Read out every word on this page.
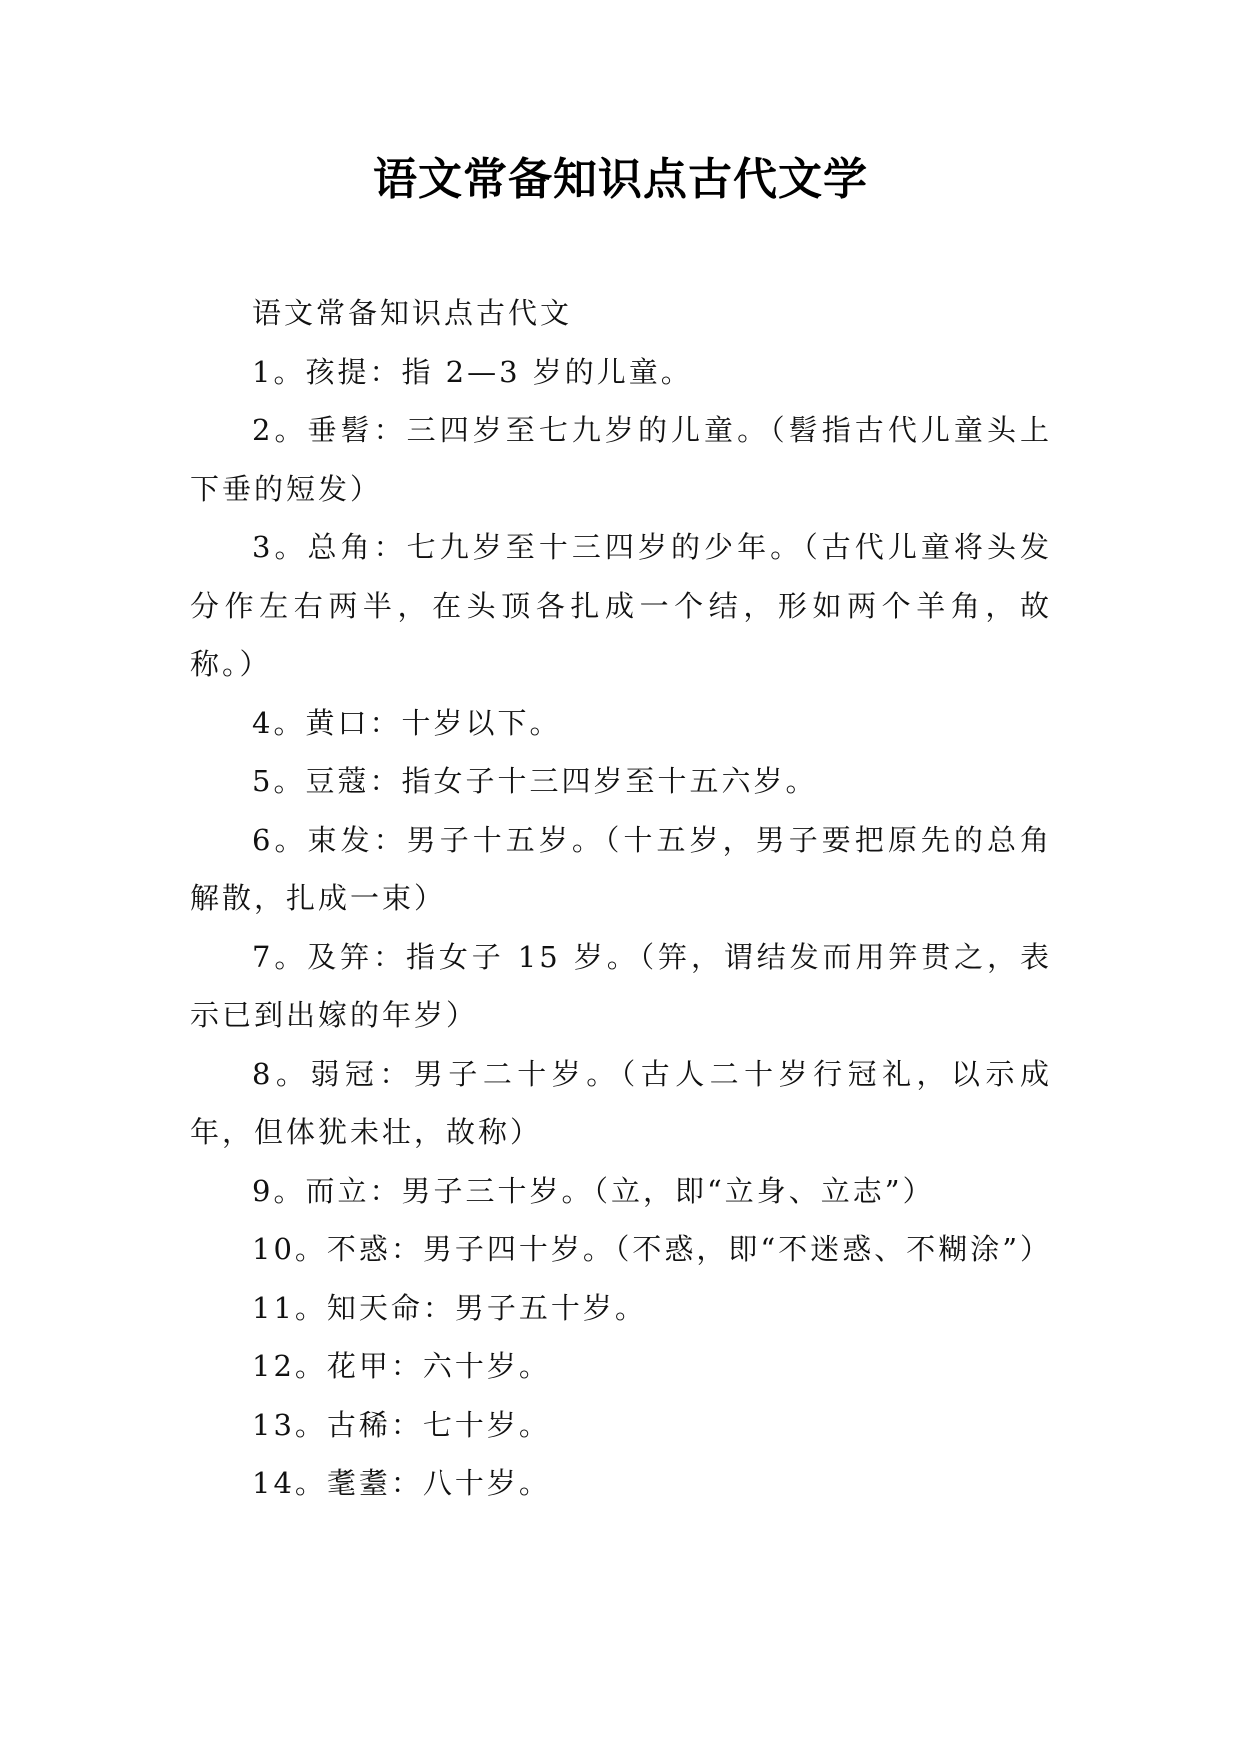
语文常备知识点古代文学

语文常备知识点古代文

1。孩提：指 2—3 岁的儿童。

2。垂髫：三四岁至七九岁的儿童。（髫指古代儿童头上下垂的短发）

3。总角：七九岁至十三四岁的少年。（古代儿童将头发分作左右两半，在头顶各扎成一个结，形如两个羊角，故称。）

4。黄口：十岁以下。

5。豆蔻：指女子十三四岁至十五六岁。

6。束发：男子十五岁。（十五岁，男子要把原先的总角解散，扎成一束）

7。及笄：指女子 15 岁。（笄，谓结发而用笄贯之，表示已到出嫁的年岁）

8。弱冠：男子二十岁。（古人二十岁行冠礼，以示成年，但体犹未壮，故称）

9。而立：男子三十岁。（立，即“立身、立志”）

10。不惑：男子四十岁。（不惑，即“不迷惑、不糊涂”）

11。知天命：男子五十岁。

12。花甲：六十岁。

13。古稀：七十岁。

14。耄耋：八十岁。
